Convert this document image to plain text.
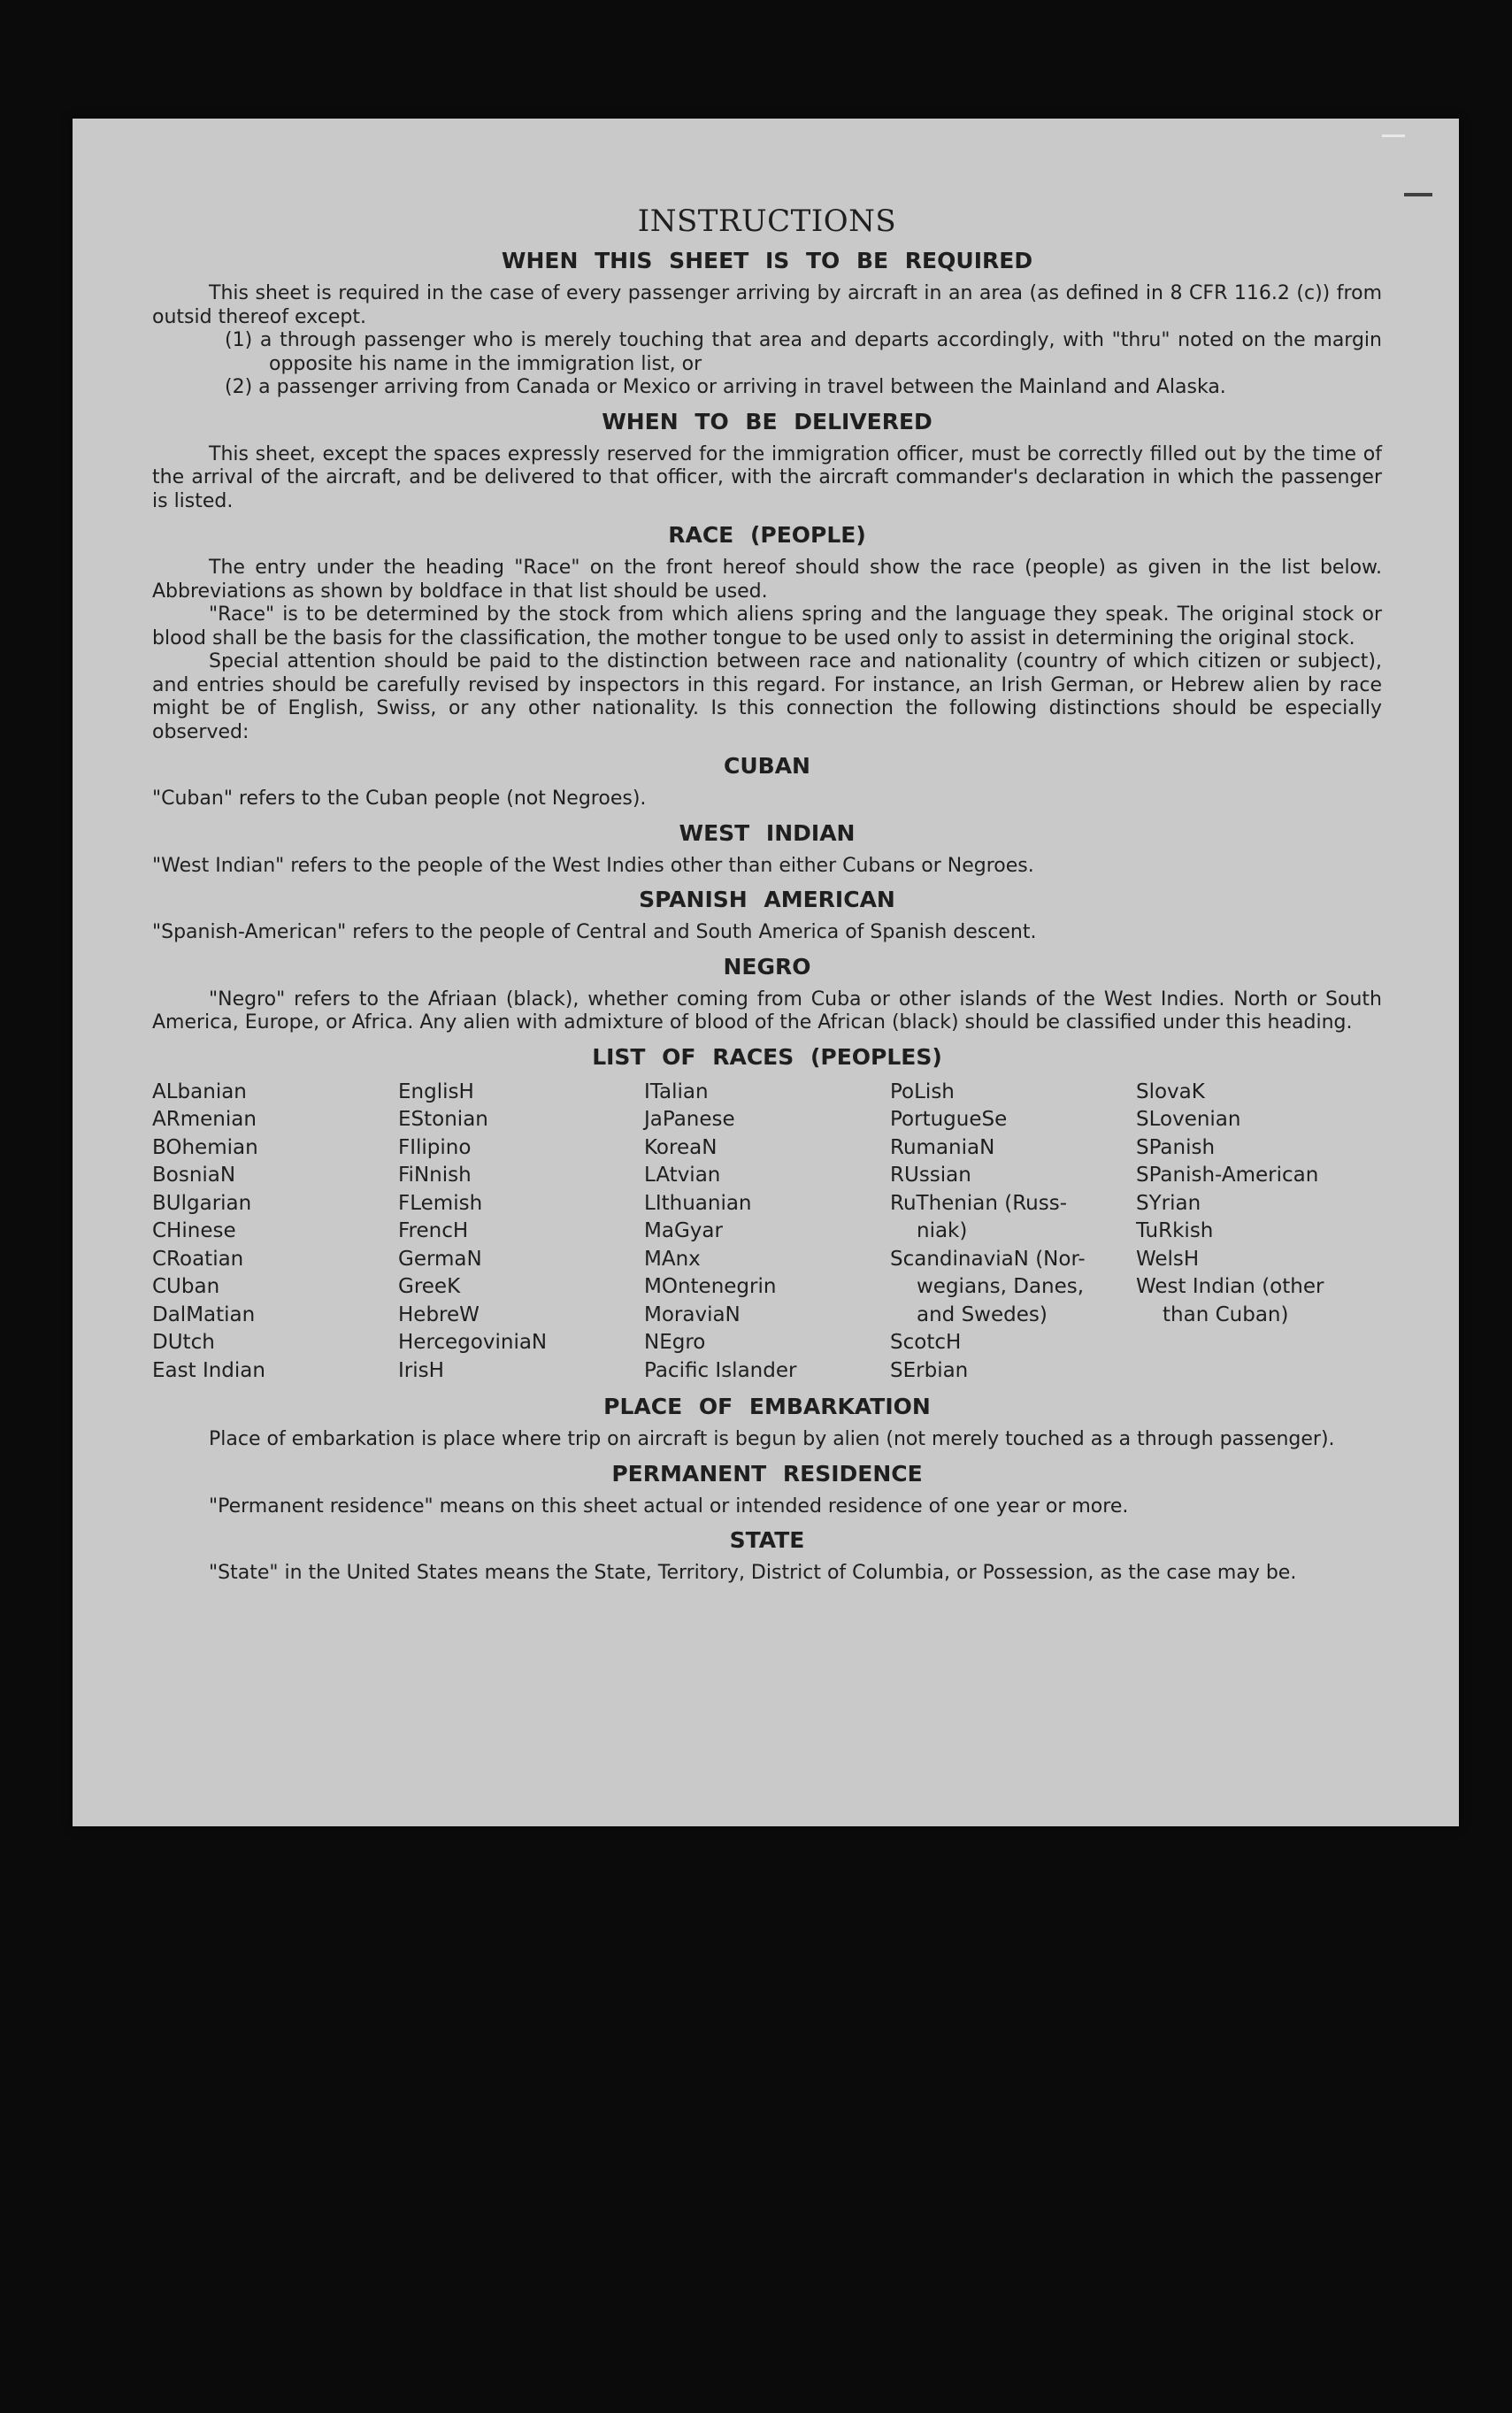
INSTRUCTIONS
WHEN THIS SHEET IS TO BE REQUIRED

This sheet is required in the case of every passenger arriving by aircraft in an area (as defined in 8 CFR 116.2 (c)) from outsid thereof except.

(1) a through passenger who is merely touching that area and departs accordingly, with "thru" noted on the margin opposite his name in the immigration list, or

(2) a passenger arriving from Canada or Mexico or arriving in travel between the Mainland and Alaska.

WHEN TO BE DELIVERED

This sheet, except the spaces expressly reserved for the immigration officer, must be correctly filled out by the time of the arrival of the aircraft, and be delivered to that officer, with the aircraft commander's declaration in which the passenger is listed.

RACE (PEOPLE)

The entry under the heading "Race" on the front hereof should show the race (people) as given in the list below. Abbreviations as shown by boldface in that list should be used.

"Race" is to be determined by the stock from which aliens spring and the language they speak. The original stock or blood shall be the basis for the classification, the mother tongue to be used only to assist in determining the original stock.

Special attention should be paid to the distinction between race and nationality (country of which citizen or subject), and entries should be carefully revised by inspectors in this regard. For instance, an Irish German, or Hebrew alien by race might be of English, Swiss, or any other nationality. Is this connection the following distinctions should be especially observed:

CUBAN

"Cuban" refers to the Cuban people (not Negroes).

WEST INDIAN

"West Indian" refers to the people of the West Indies other than either Cubans or Negroes.

SPANISH AMERICAN

"Spanish-American" refers to the people of Central and South America of Spanish descent.

NEGRO

"Negro" refers to the Afriaan (black), whether coming from Cuba or other islands of the West Indies. North or South America, Europe, or Africa. Any alien with admixture of blood of the African (black) should be classified under this heading.

LIST OF RACES (PEOPLES)
ALbanian
ARmenian
BOhemian
BosniaN
BUlgarian
CHinese
CRoatian
CUban
DalMatian
DUtch
East Indian
EnglisH
EStonian
FIlipino
FiNnish
FLemish
FrencH
GermaN
GreeK
HebreW
HercegoviniaN
IrisH
ITalian
JaPanese
KoreaN
LAtvian
LIthuanian
MaGyar
MAnx
MOntenegrin
MoraviaN
NEgro
Pacific Islander
PoLish
PortugueSe
RumaniaN
RUssian
RuThenian (Russ-
niak)
ScandinaviaN (Nor-
wegians, Danes,
and Swedes)
ScotcH
SErbian
SlovaK
SLovenian
SPanish
SPanish-American
SYrian
TuRkish
WelsH
West Indian (other
than Cuban)
PLACE OF EMBARKATION

Place of embarkation is place where trip on aircraft is begun by alien (not merely touched as a through passenger).

PERMANENT RESIDENCE

"Permanent residence" means on this sheet actual or intended residence of one year or more.

STATE

"State" in the United States means the State, Territory, District of Columbia, or Possession, as the case may be.
